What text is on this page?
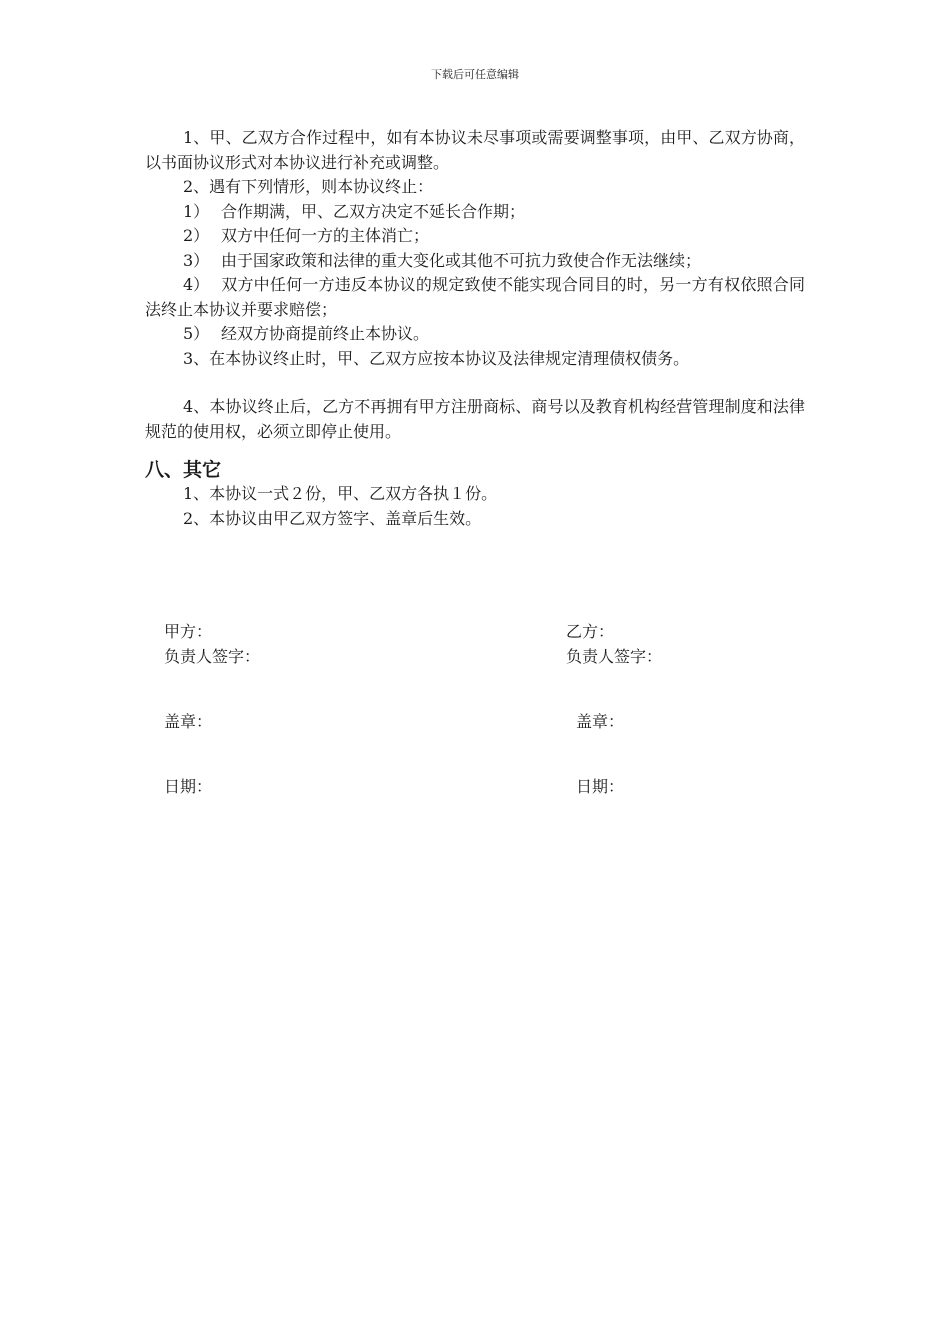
下载后可任意编辑

1、甲、乙双方合作过程中，如有本协议未尽事项或需要调整事项，由甲、乙双方协商，以书面协议形式对本协议进行补充或调整。

2、遇有下列情形，则本协议终止：

1） 合作期满，甲、乙双方决定不延长合作期；

2） 双方中任何一方的主体消亡；

3） 由于国家政策和法律的重大变化或其他不可抗力致使合作无法继续；

4） 双方中任何一方违反本协议的规定致使不能实现合同目的时，另一方有权依照合同法终止本协议并要求赔偿；

5） 经双方协商提前终止本协议。

3、在本协议终止时，甲、乙双方应按本协议及法律规定清理债权债务。

4、本协议终止后，乙方不再拥有甲方注册商标、商号以及教育机构经营管理制度和法律规范的使用权，必须立即停止使用。

八、其它

1、本协议一式２份，甲、乙双方各执１份。

2、本协议由甲乙双方签字、盖章后生效。

甲方：
负责人签字：
盖章：
日期：
乙方：
负责人签字：
盖章：
日期：
